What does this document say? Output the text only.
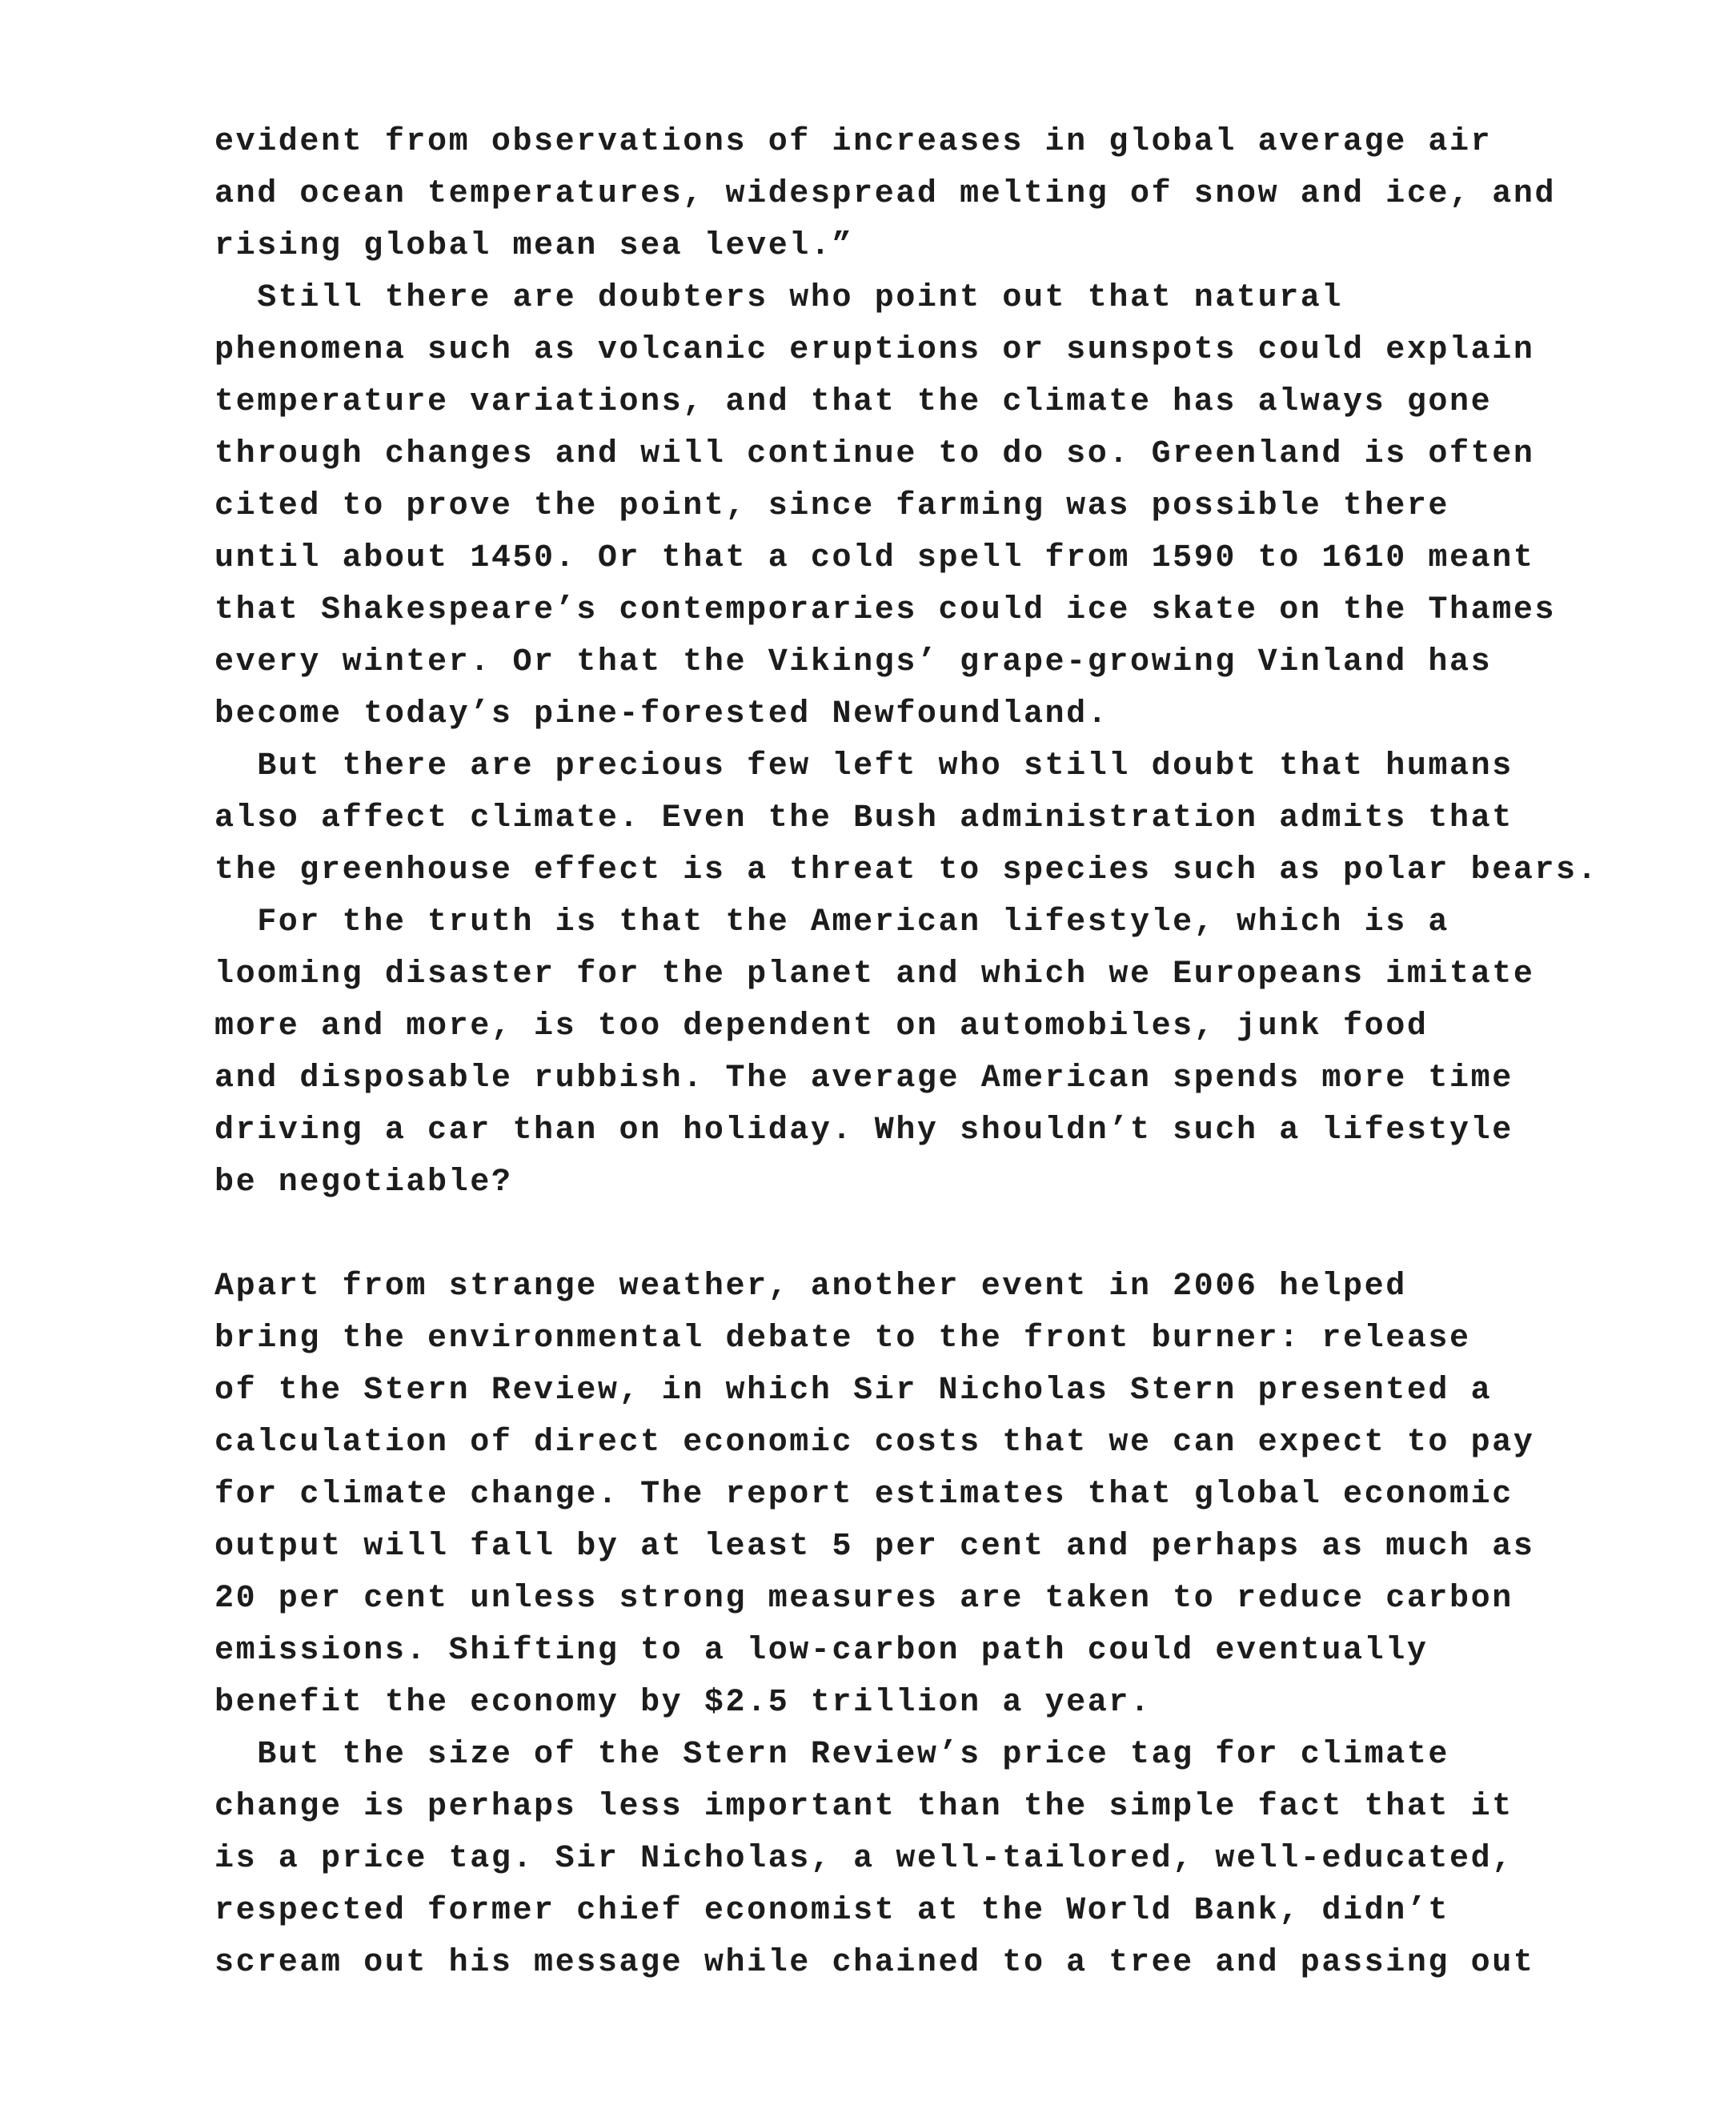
evident from observations of increases in global average air
and ocean temperatures, widespread melting of snow and ice, and
rising global mean sea level.”
Still there are doubters who point out that natural
phenomena such as volcanic eruptions or sunspots could explain
temperature variations, and that the climate has always gone
through changes and will continue to do so. Greenland is often
cited to prove the point, since farming was possible there
until about 1450. Or that a cold spell from 1590 to 1610 meant
that Shakespeare’s contemporaries could ice skate on the Thames
every winter. Or that the Vikings’ grape-growing Vinland has
become today’s pine-forested Newfoundland.
But there are precious few left who still doubt that humans
also affect climate. Even the Bush administration admits that
the greenhouse effect is a threat to species such as polar bears.
For the truth is that the American lifestyle, which is a
looming disaster for the planet and which we Europeans imitate
more and more, is too dependent on automobiles, junk food
and disposable rubbish. The average American spends more time
driving a car than on holiday. Why shouldn’t such a lifestyle
be negotiable?
Apart from strange weather, another event in 2006 helped
bring the environmental debate to the front burner: release
of the Stern Review, in which Sir Nicholas Stern presented a
calculation of direct economic costs that we can expect to pay
for climate change. The report estimates that global economic
output will fall by at least 5 per cent and perhaps as much as
20 per cent unless strong measures are taken to reduce carbon
emissions. Shifting to a low-carbon path could eventually
benefit the economy by $2.5 trillion a year.
But the size of the Stern Review’s price tag for climate
change is perhaps less important than the simple fact that it
is a price tag. Sir Nicholas, a well-tailored, well-educated,
respected former chief economist at the World Bank, didn’t
scream out his message while chained to a tree and passing out
